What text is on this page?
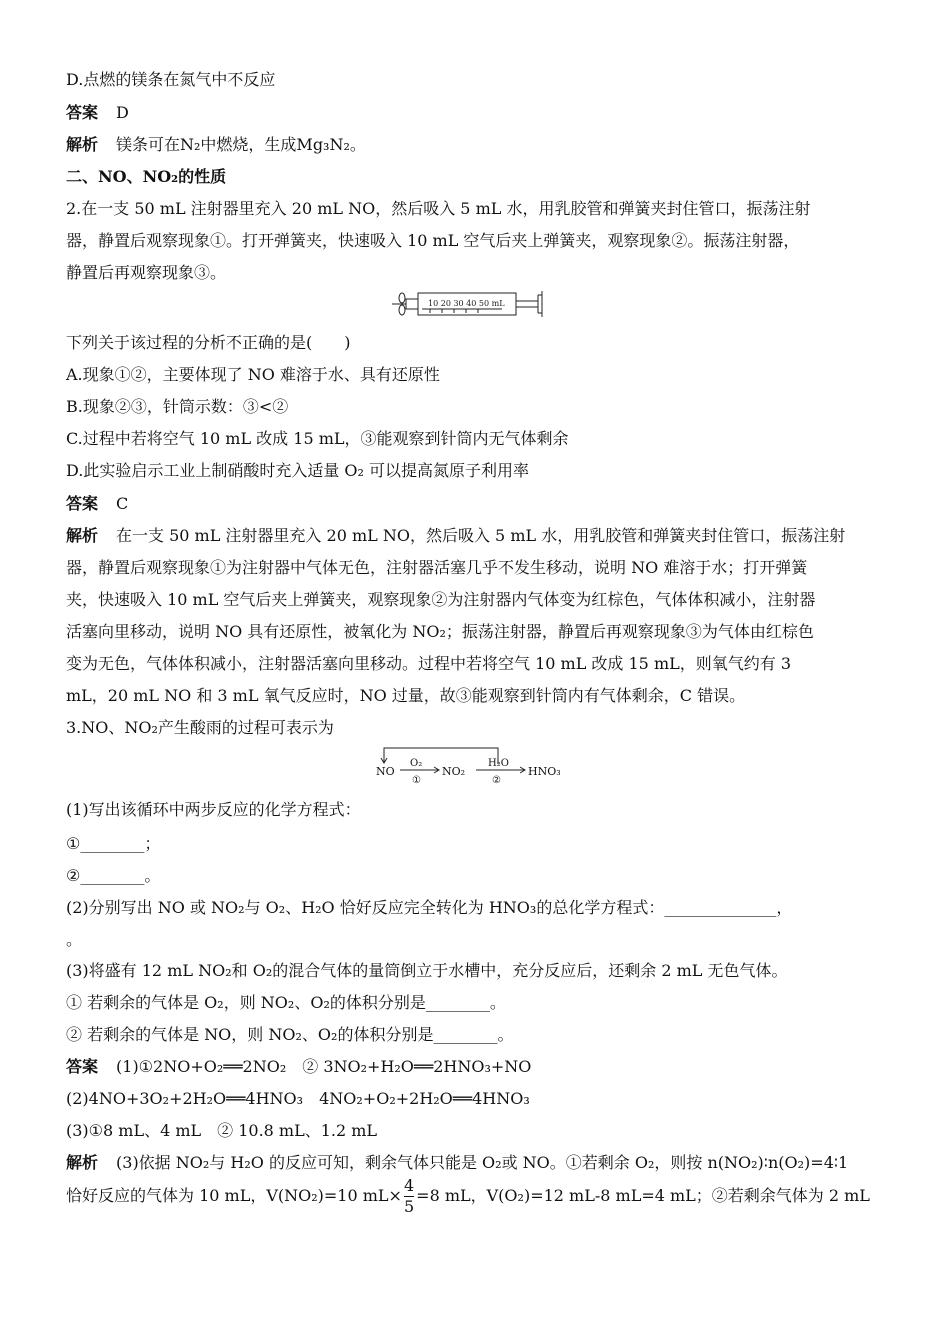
D.点燃的镁条在氮气中不反应
答案 D
解析 镁条可在N₂中燃烧，生成Mg₃N₂。
二、NO、NO₂的性质
2.在一支 50 mL 注射器里充入 20 mL NO，然后吸入 5 mL 水，用乳胶管和弹簧夹封住管口，振荡注射
器，静置后观察现象①。打开弹簧夹，快速吸入 10 mL 空气后夹上弹簧夹，观察现象②。振荡注射器，
静置后再观察现象③。
10 20 30 40 50 mL
下列关于该过程的分析不正确的是(　　)
A.现象①②，主要体现了 NO 难溶于水、具有还原性
B.现象②③，针筒示数：③<②
C.过程中若将空气 10 mL 改成 15 mL，③能观察到针筒内无气体剩余
D.此实验启示工业上制硝酸时充入适量 O₂ 可以提高氮原子利用率
答案 C
解析 在一支 50 mL 注射器里充入 20 mL NO，然后吸入 5 mL 水，用乳胶管和弹簧夹封住管口，振荡注射
器，静置后观察现象①为注射器中气体无色，注射器活塞几乎不发生移动，说明 NO 难溶于水；打开弹簧
夹，快速吸入 10 mL 空气后夹上弹簧夹，观察现象②为注射器内气体变为红棕色，气体体积减小，注射器
活塞向里移动，说明 NO 具有还原性，被氧化为 NO₂；振荡注射器，静置后再观察现象③为气体由红棕色
变为无色，气体体积减小，注射器活塞向里移动。过程中若将空气 10 mL 改成 15 mL，则氧气约有 3
mL，20 mL NO 和 3 mL 氧气反应时，NO 过量，故③能观察到针筒内有气体剩余，C 错误。
3.NO、NO₂产生酸雨的过程可表示为
NO
O₂
①
NO₂
H₂O
②
HNO₃
(1)写出该循环中两步反应的化学方程式：
①________；
②________。
(2)分别写出 NO 或 NO₂与 O₂、H₂O 恰好反应完全转化为 HNO₃的总化学方程式：______________，
。
(3)将盛有 12 mL NO₂和 O₂的混合气体的量筒倒立于水槽中，充分反应后，还剩余 2 mL 无色气体。
① 若剩余的气体是 O₂，则 NO₂、O₂的体积分别是________。
② 若剩余的气体是 NO，则 NO₂、O₂的体积分别是________。
答案 (1)①2NO+O₂══2NO₂　② 3NO₂+H₂O══2HNO₃+NO
(2)4NO+3O₂+2H₂O══4HNO₃　4NO₂+O₂+2H₂O══4HNO₃
(3)①8 mL、4 mL　② 10.8 mL、1.2 mL
解析 (3)依据 NO₂与 H₂O 的反应可知，剩余气体只能是 O₂或 NO。①若剩余 O₂，则按 n(NO₂)∶n(O₂)=4∶1
恰好反应的气体为 10 mL，V(NO₂)=10 $mL\times \frac{4}{5} =8$ mL，V(O₂)=12 mL-8 mL=4 mL；②若剩余气体为 2 mL
